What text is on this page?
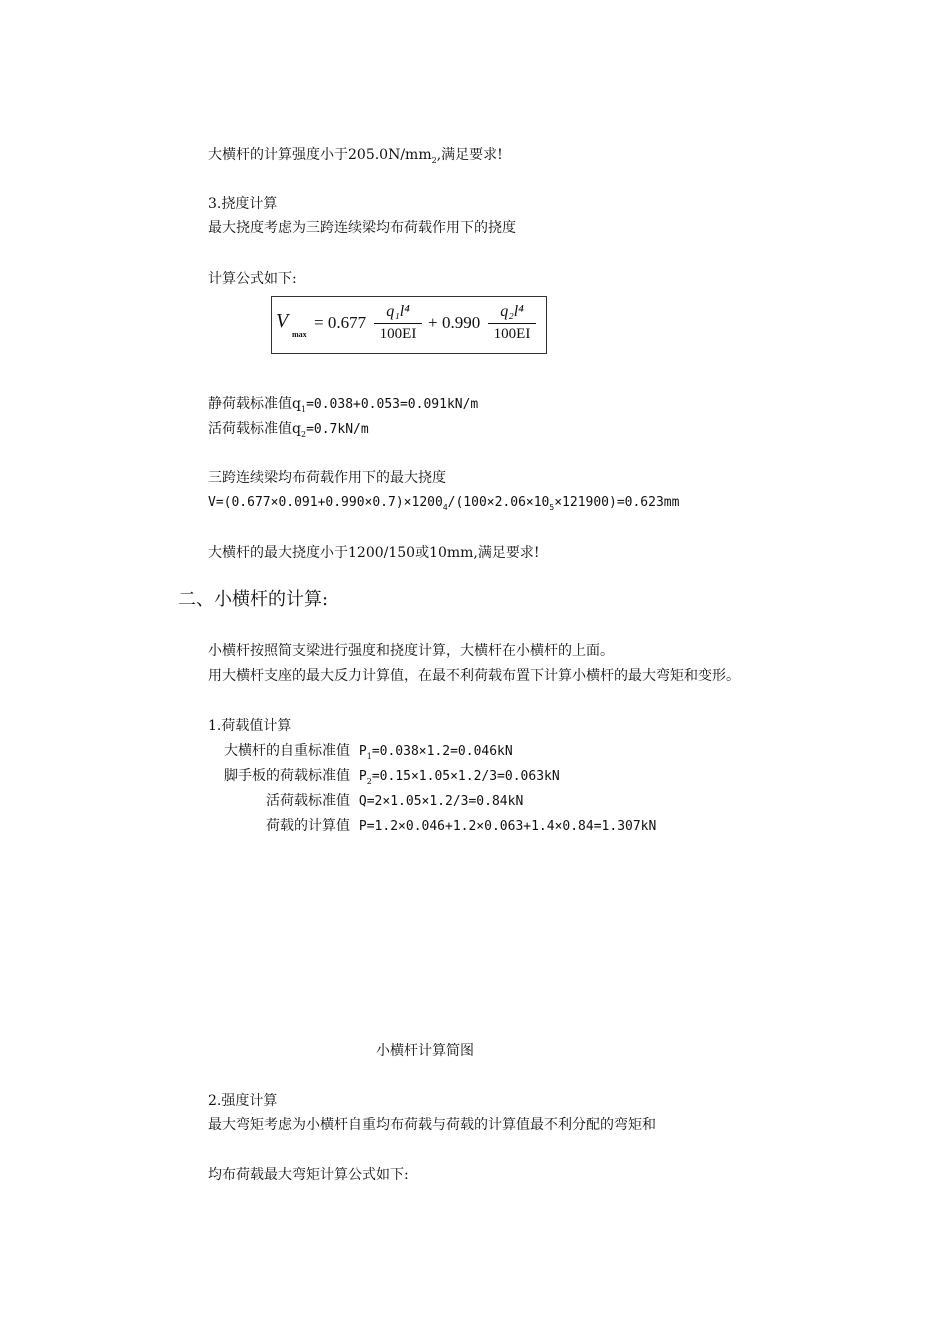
大横杆的计算强度小于$205.0N/mm_2$,满足要求!
3.挠度计算
最大挠度考虑为三跨连续梁均布荷载作用下的挠度
计算公式如下:
V
max
= 0.677
q₁l⁴
100EI
+ 0.990
q₂l⁴
100EI
静荷载标准值$q_1=0.038+0.053=0.091kN/m$
活荷载标准值$q_2=0.7kN/m$
三跨连续梁均布荷载作用下的最大挠度
$V=(0.677\times 0.091+0.990\times 0.7)\times 1200_4/(100\times 2.06\times 10_5\times 121900)=0.623mm$
大横杆的最大挠度小于1200/150或10mm,满足要求!
二、小横杆的计算:
小横杆按照简支梁进行强度和挠度计算，大横杆在小横杆的上面。
用大横杆支座的最大反力计算值，在最不利荷载布置下计算小横杆的最大弯矩和变形。
1.荷载值计算
大横杆的自重标准值 $P_1=0.038\times 1.2=0.046kN$
脚手板的荷载标准值 $P_2=0.15\times 1.05\times 1.2/3=0.063kN$
活荷载标准值 Q=2×1.05×1.2/3=0.84kN
荷载的计算值 P=1.2×0.046+1.2×0.063+1.4×0.84=1.307kN
小横杆计算简图
2.强度计算
最大弯矩考虑为小横杆自重均布荷载与荷载的计算值最不利分配的弯矩和
均布荷载最大弯矩计算公式如下:
